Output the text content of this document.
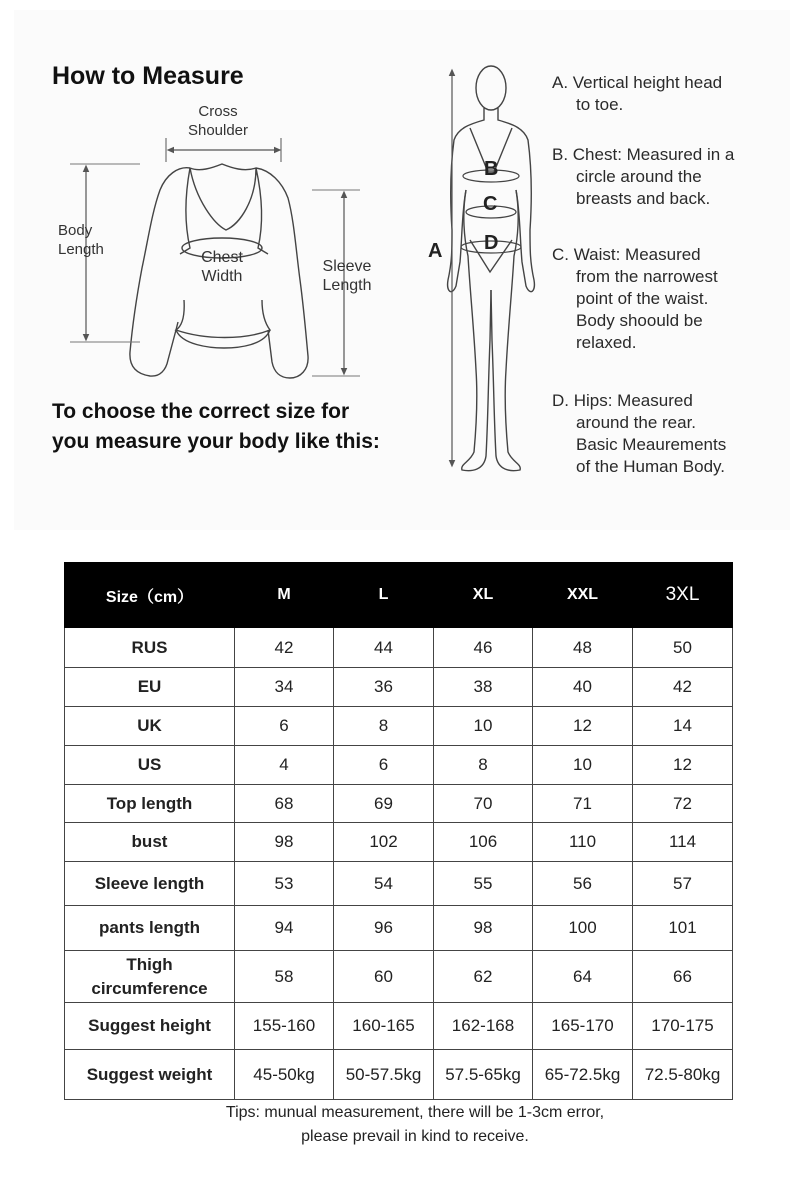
How to Measure
Cross
Shoulder
Body
Length	Chest
Width
Sleeve
Length
A
B
C
D
To choose the correct size for
you measure your body like this:
A. Vertical height head
to toe.
B. Chest: Measured in a
circle around the
breasts and back.
C. Waist: Measured
from the narrowest
point of the waist.
Body shoould be
relaxed.
D. Hips: Measured
around the rear.
Basic Meaurements
of the Human Body.
Size（cm）	M	L	XL	XXL	3XL

RUS	42	44	46	48	50

EU	34	36	38	40	42

UK	6	8	10	12	14

US	4	6	8	10	12

Top length	68	69	70	71	72

bust	98	102	106	110	114

Sleeve length	53	54	55	56	57

pants length	94	96	98	100	101

Thigh
circumference	58	60	62	64	66

Suggest height	155-160	160-165	162-168	165-170	170-175

Suggest weight	45-50kg	50-57.5kg	57.5-65kg	65-72.5kg	72.5-80kg
Tips: munual measurement, there will be 1-3cm error,
please prevail in kind to receive.
